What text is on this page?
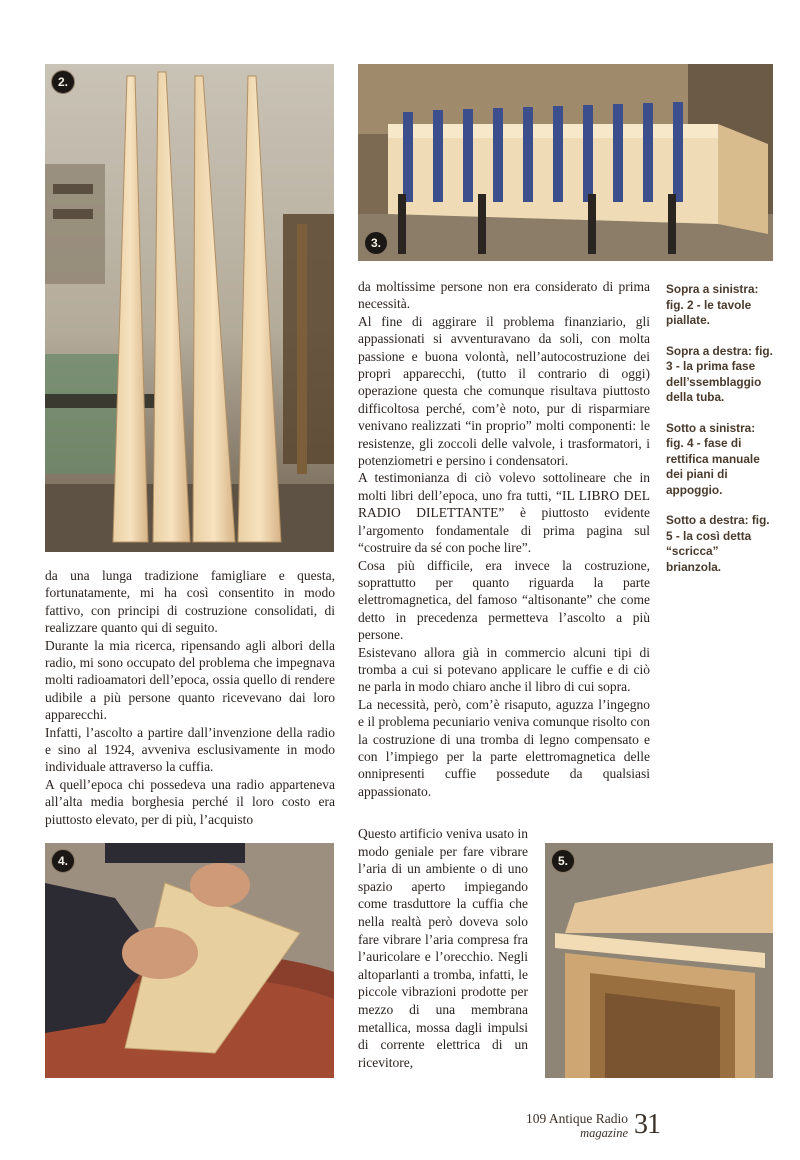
2.
3.
4.	5.

da una lunga tradizione famigliare e questa, fortunatamente, mi ha così consentito in modo fattivo, con principi di costruzione consolidati, di realizzare quanto qui di seguito.

Durante la mia ricerca, ripensando agli albori della radio, mi sono occupato del problema che impegnava molti radioamatori dell’epoca, ossia quello di rendere udibile a più persone quanto ricevevano dai loro apparecchi.

Infatti, l’ascolto a partire dall’invenzione della radio e sino al 1924, avveniva esclusivamente in modo individuale attraverso la cuffia.

A quell’epoca chi possedeva una radio apparteneva all’alta media borghesia perché il loro costo era piuttosto elevato, per di più, l’acquisto

da moltissime persone non era considerato di prima necessità.

Al fine di aggirare il problema finanziario, gli appassionati si avventuravano da soli, con molta passione e buona volontà, nell’autocostruzione dei propri apparecchi, (tutto il contrario di oggi) operazione questa che comunque risultava piuttosto difficoltosa perché, com’è noto, pur di risparmiare venivano realizzati “in proprio” molti componenti: le resistenze, gli zoccoli delle valvole, i trasformatori, i potenziometri e persino i condensatori.

A testimonianza di ciò volevo sottolineare che in molti libri dell’epoca, uno fra tutti, “IL LIBRO DEL RADIO DILETTANTE” è piuttosto evidente l’argomento fondamentale di prima pagina sul “costruire da sé con poche lire”.

Cosa più difficile, era invece la costruzione, soprattutto per quanto riguarda la parte elettromagnetica, del famoso “altisonante” che come detto in precedenza permetteva l’ascolto a più persone.

Esistevano allora già in commercio alcuni tipi di tromba a cui si potevano applicare le cuffie e di ciò ne parla in modo chiaro anche il libro di cui sopra.

La necessità, però, com’è risaputo, aguzza l’ingegno e il problema pecuniario veniva comunque risolto con la costruzione di una tromba di legno compensato e con l’impiego per la parte elettromagnetica delle onnipresenti cuffie possedute da qualsiasi appassionato.

Questo artificio veniva usato in modo geniale per fare vibrare l’aria di un ambiente o di uno spazio aperto impiegando come trasduttore la cuffia che nella realtà però doveva solo fare vibrare l’aria compresa fra l’auricolare e l’orecchio. Negli altoparlanti a tromba, infatti, le piccole vibrazioni prodotte per mezzo di una membrana metallica, mossa dagli impulsi di corrente elettrica di un ricevitore,

Sopra a sinistra: fig. 2 - le tavole piallate.

Sopra a destra: fig. 3 - la prima fase dell’ssemblaggio della tuba.

Sotto a sinistra: fig. 4 - fase di rettifica manuale dei piani di appoggio.

Sotto a destra: fig. 5 - la così detta “scricca” brianzola.

109 Antique Radio
magazine 31
